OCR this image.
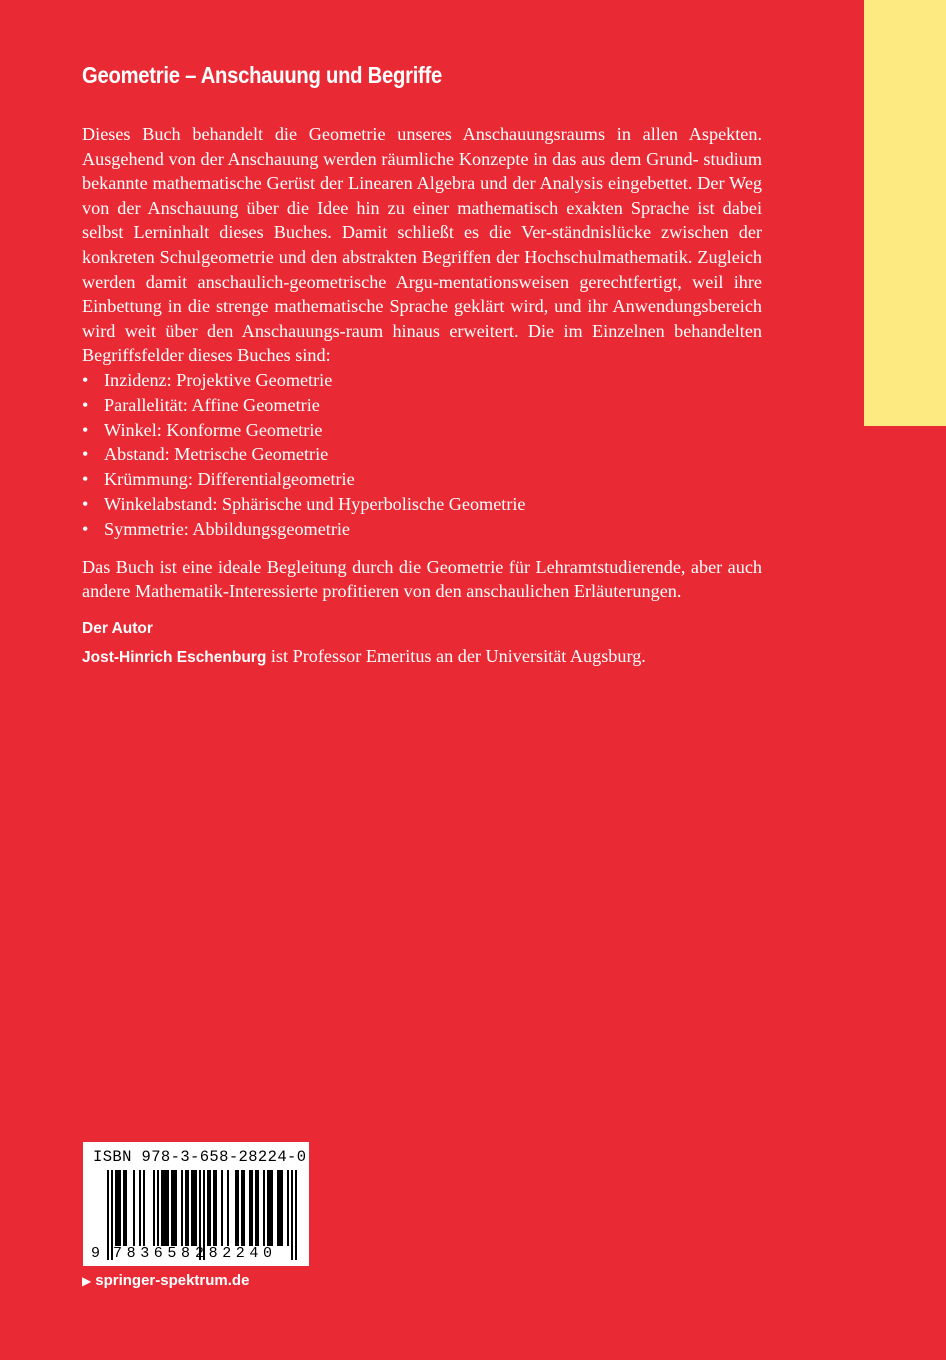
Geometrie – Anschauung und Begriffe

Dieses Buch behandelt die Geometrie unseres Anschauungsraums in allen Aspekten. Ausgehend von der Anschauung werden räumliche Konzepte in das aus dem Grund- studium bekannte mathematische Gerüst der Linearen Algebra und der Analysis eingebettet. Der Weg von der Anschauung über die Idee hin zu einer mathematisch exakten Sprache ist dabei selbst Lerninhalt dieses Buches. Damit schließt es die Ver-ständnislücke zwischen der konkreten Schulgeometrie und den abstrakten Begriffen der Hochschulmathematik. Zugleich werden damit anschaulich-geometrische Argu-mentationsweisen gerechtfertigt, weil ihre Einbettung in die strenge mathematische Sprache geklärt wird, und ihr Anwendungsbereich wird weit über den Anschauungs-raum hinaus erweitert. Die im Einzelnen behandelten Begriffsfelder dieses Buches sind:

• Inzidenz: Projektive Geometrie
• Parallelität: Affine Geometrie
• Winkel: Konforme Geometrie
• Abstand: Metrische Geometrie
• Krümmung: Differentialgeometrie
• Winkelabstand: Sphärische und Hyperbolische Geometrie
• Symmetrie: Abbildungsgeometrie

Das Buch ist eine ideale Begleitung durch die Geometrie für Lehramtstudierende, aber auch andere Mathematik-Interessierte profitieren von den anschaulichen Erläuterungen.

Der Autor

Jost-Hinrich Eschenburg ist Professor Emeritus an der Universität Augsburg.

ISBN 978-3-658-28224-0
9 783658 282240
▶ springer-spektrum.de
